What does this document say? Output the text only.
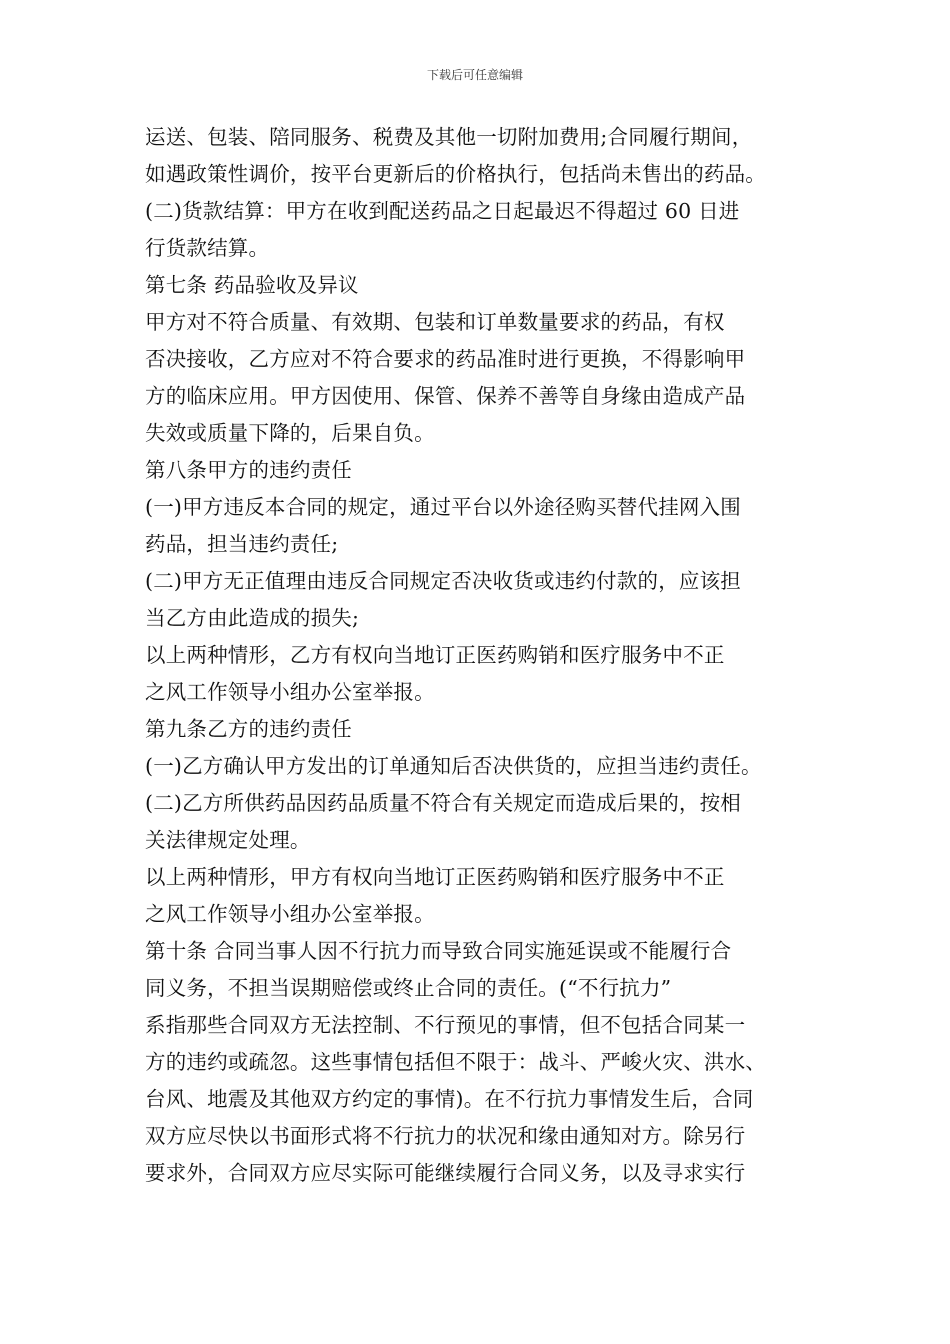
下载后可任意编辑
运送、包装、陪同服务、税费及其他一切附加费用;合同履行期间，
如遇政策性调价，按平台更新后的价格执行，包括尚未售出的药品。
(二)货款结算：甲方在收到配送药品之日起最迟不得超过 60 日进
行货款结算。
第七条 药品验收及异议
甲方对不符合质量、有效期、包装和订单数量要求的药品，有权
否决接收，乙方应对不符合要求的药品准时进行更换，不得影响甲
方的临床应用。甲方因使用、保管、保养不善等自身缘由造成产品
失效或质量下降的，后果自负。
第八条甲方的违约责任
(一)甲方违反本合同的规定，通过平台以外途径购买替代挂网入围
药品，担当违约责任;
(二)甲方无正值理由违反合同规定否决收货或违约付款的，应该担
当乙方由此造成的损失;
以上两种情形，乙方有权向当地订正医药购销和医疗服务中不正
之风工作领导小组办公室举报。
第九条乙方的违约责任
(一)乙方确认甲方发出的订单通知后否决供货的，应担当违约责任。
(二)乙方所供药品因药品质量不符合有关规定而造成后果的，按相
关法律规定处理。
以上两种情形，甲方有权向当地订正医药购销和医疗服务中不正
之风工作领导小组办公室举报。
第十条 合同当事人因不行抗力而导致合同实施延误或不能履行合
同义务，不担当误期赔偿或终止合同的责任。(“不行抗力”
系指那些合同双方无法控制、不行预见的事情，但不包括合同某一
方的违约或疏忽。这些事情包括但不限于：战斗、严峻火灾、洪水、
台风、地震及其他双方约定的事情)。在不行抗力事情发生后，合同
双方应尽快以书面形式将不行抗力的状况和缘由通知对方。除另行
要求外，合同双方应尽实际可能继续履行合同义务，以及寻求实行
